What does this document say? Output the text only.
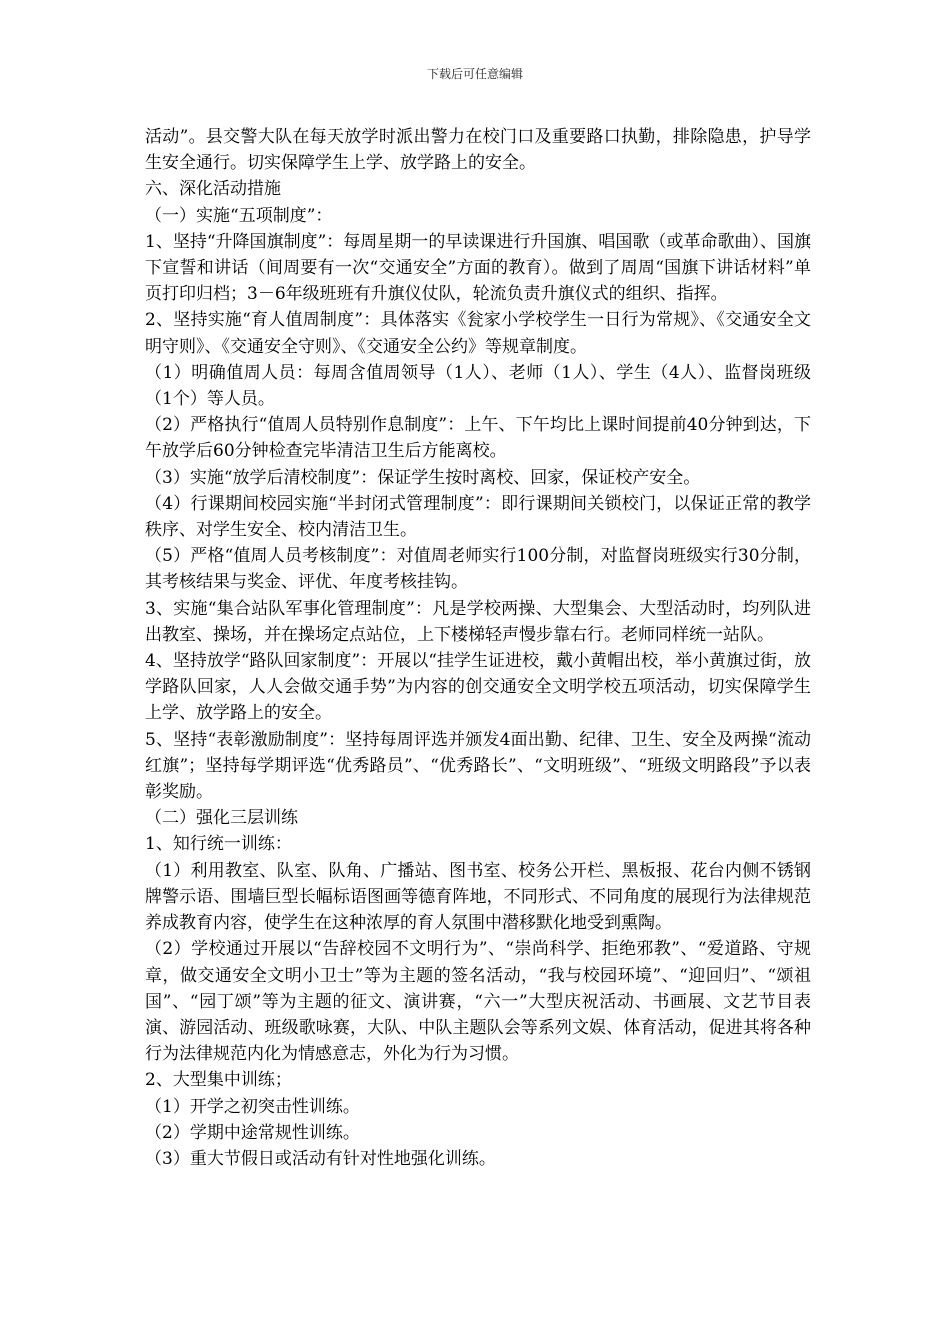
下载后可任意编辑

活动”。县交警大队在每天放学时派出警力在校门口及重要路口执勤，排除隐患，护导学生安全通行。切实保障学生上学、放学路上的安全。

六、深化活动措施

（一）实施“五项制度”：

1、坚持“升降国旗制度”：每周星期一的早读课进行升国旗、唱国歌（或革命歌曲）、国旗下宣誓和讲话（间周要有一次“交通安全”方面的教育）。做到了周周“国旗下讲话材料”单页打印归档；3－6年级班班有升旗仪仗队，轮流负责升旗仪式的组织、指挥。

2、坚持实施“育人值周制度”：具体落实《瓮家小学校学生一日行为常规》、《交通安全文明守则》、《交通安全守则》、《交通安全公约》等规章制度。

（1）明确值周人员：每周含值周领导（1人）、老师（1人）、学生（4人）、监督岗班级（1个）等人员。

（2）严格执行“值周人员特别作息制度”：上午、下午均比上课时间提前40分钟到达，下午放学后60分钟检查完毕清洁卫生后方能离校。

（3）实施“放学后清校制度”：保证学生按时离校、回家，保证校产安全。

（4）行课期间校园实施“半封闭式管理制度”：即行课期间关锁校门，以保证正常的教学秩序、对学生安全、校内清洁卫生。

（5）严格“值周人员考核制度”：对值周老师实行100分制，对监督岗班级实行30分制，其考核结果与奖金、评优、年度考核挂钩。

3、实施“集合站队军事化管理制度”：凡是学校两操、大型集会、大型活动时，均列队进出教室、操场，并在操场定点站位，上下楼梯轻声慢步靠右行。老师同样统一站队。

4、坚持放学“路队回家制度”：开展以“挂学生证进校，戴小黄帽出校，举小黄旗过街，放学路队回家，人人会做交通手势”为内容的创交通安全文明学校五项活动，切实保障学生上学、放学路上的安全。

5、坚持“表彰激励制度”：坚持每周评选并颁发4面出勤、纪律、卫生、安全及两操“流动红旗”；坚持每学期评选“优秀路员”、“优秀路长”、“文明班级”、“班级文明路段”予以表彰奖励。

（二）强化三层训练

1、知行统一训练：

（1）利用教室、队室、队角、广播站、图书室、校务公开栏、黑板报、花台内侧不锈钢牌警示语、围墙巨型长幅标语图画等德育阵地，不同形式、不同角度的展现行为法律规范养成教育内容，使学生在这种浓厚的育人氛围中潜移默化地受到熏陶。

（2）学校通过开展以“告辞校园不文明行为”、“崇尚科学、拒绝邪教”、“爱道路、守规章，做交通安全文明小卫士”等为主题的签名活动，“我与校园环境”、“迎回归”、“颂祖国”、“园丁颂”等为主题的征文、演讲赛，“六一”大型庆祝活动、书画展、文艺节目表演、游园活动、班级歌咏赛，大队、中队主题队会等系列文娱、体育活动，促进其将各种行为法律规范内化为情感意志，外化为行为习惯。

2、大型集中训练；

（1）开学之初突击性训练。

（2）学期中途常规性训练。

（3）重大节假日或活动有针对性地强化训练。
